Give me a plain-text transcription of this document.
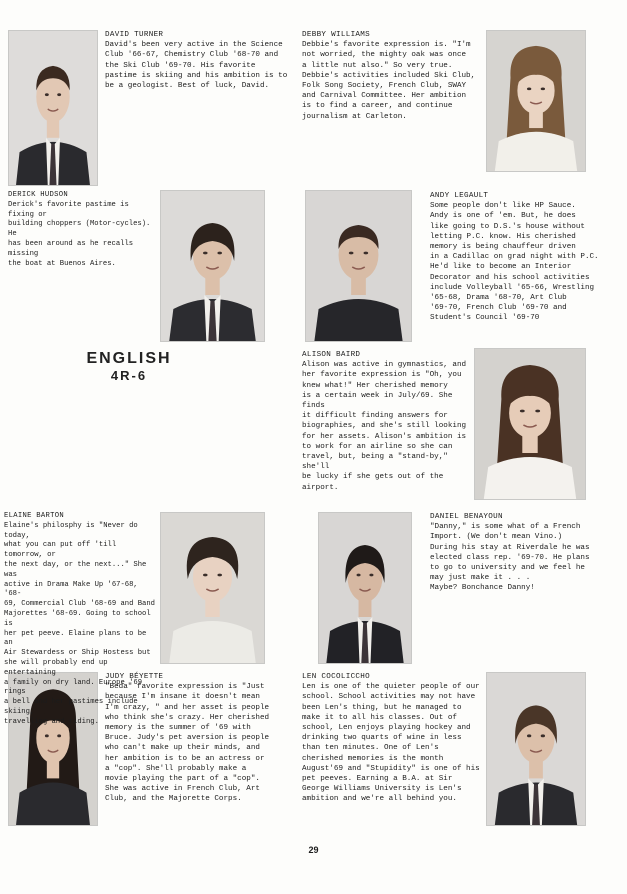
DAVID TURNER
David's been very active in the Science
Club '66-67, Chemistry Club '68-70 and
the Ski Club '69-70. His favorite
pastime is skiing and his ambition is to
be a geologist. Best of luck, David.
DEBBY WILLIAMS
Debbie's favorite expression is. "I'm
not worried, the mighty oak was once
a little nut also." So very true.
Debbie's activities included Ski Club,
Folk Song Society, French Club, SWAY
and Carnival Committee. Her ambition
is to find a career, and continue
journalism at Carleton.
DERICK HUDSON
Derick's favorite pastime is fixing or
building choppers (Motor-cycles). He
has been around as he recalls missing
the boat at Buenos Aires.
ANDY LEGAULT
Some people don't like HP Sauce.
Andy is one of 'em. But, he does
like going to D.S.'s house without
letting P.C. know. His cherished
memory is being chauffeur driven
in a Cadillac on grad night with P.C.
He'd like to become an Interior
Decorator and his school activities
include Volleyball '65-66, Wrestling
'65-68, Drama '68-70, Art Club
'69-70, French Club '69-70 and
Student's Council '69-70
ENGLISH
4R-6
ALISON BAIRD
Alison was active in gymnastics, and
her favorite expression is "Oh, you
knew what!" Her cherished memory
is a certain week in July/69. She finds
it difficult finding answers for
biographies, and she's still looking
for her assets. Alison's ambition is
to work for an airline so she can
travel, but, being a "stand-by," she'll
be lucky if she gets out of the airport.
ELAINE BARTON
Elaine's philosphy is "Never do today,
what you can put off 'till tomorrow, or
the next day, or the next..." She was
active in Drama Make Up '67-68, '68-
69, Commercial Club '68-69 and Band
Majorettes '68-69. Going to school is
her pet peeve. Elaine plans to be an
Air Stewardess or Ship Hostess but
she will probably end up entertaining
a family on dry land. Europe '69 rings
a bell and her pastimes include skiing,
travelling and riding.
DANIEL BENAYOUN
"Danny," is some what of a French
Import. (We don't mean Vino.)
During his stay at Riverdale he was
elected class rep. '69-70. He plans
to go to university and we feel he
may just make it . . .
Maybe? Bonchance Danny!
JUDY BÉYETTE
"Beda" favorite expression is "Just
because I'm insane it doesn't mean
I'm crazy, " and her asset is people
who think she's crazy. Her cherished
memory is the summer of '69 with
Bruce. Judy's pet aversion is people
who can't make up their minds, and
her ambition is to be an actress or
a "cop". She'll probably make a
movie playing the part of a "cop".
She was active in French Club, Art
Club, and the Majorette Corps.
LEN COCOLICCHO
Len is one of the quieter people of our
school. School activities may not have
been Len's thing, but he managed to
make it to all his classes. Out of
school, Len enjoys playing hockey and
drinking two quarts of wine in less
than ten minutes. One of Len's
cherished memories is the month
August'69 and "Stupidity" is one of his
pet peeves. Earning a B.A. at Sir
George Williams University is Len's
ambition and we're all behind you.
29
